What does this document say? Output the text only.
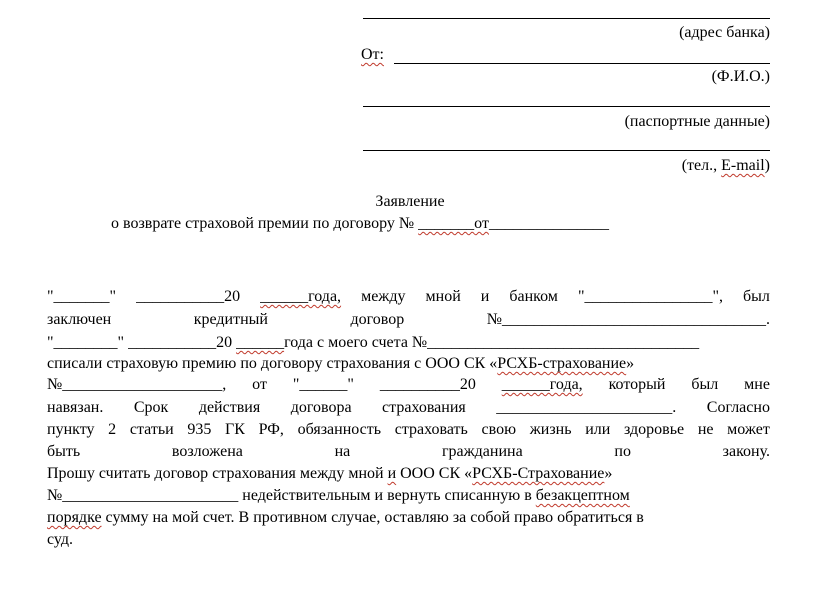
(адрес банка)
От:
(Ф.И.О.)
(паспортные данные)
(тел., E-mail)
Заявление
о возврате страховой премии по договору № _______от_______________
"_______" ___________20 ______года, между мной и банком "________________", был
заключен	кредитный	договор	№_________________________________.
"________" ___________20 ______года с моего счета №__________________________________
списали страховую премию по договору страхования с ООО СК «РСХБ-страхование»
№____________________, от "______" __________20 ______года, который был мне
навязан. Срок действия договора страхования ______________________. Согласно
пункту 2 статьи 935 ГК РФ, обязанность страховать свою жизнь или здоровье не может
быть	возложена	на	гражданина	по	закону.
Прошу считать договор страхования между мной и ООО СК «РСХБ-Страхование»
№______________________ недействительным и вернуть списанную в безакцептном
порядке сумму на мой счет. В противном случае, оставляю за собой право обратиться в
суд.
